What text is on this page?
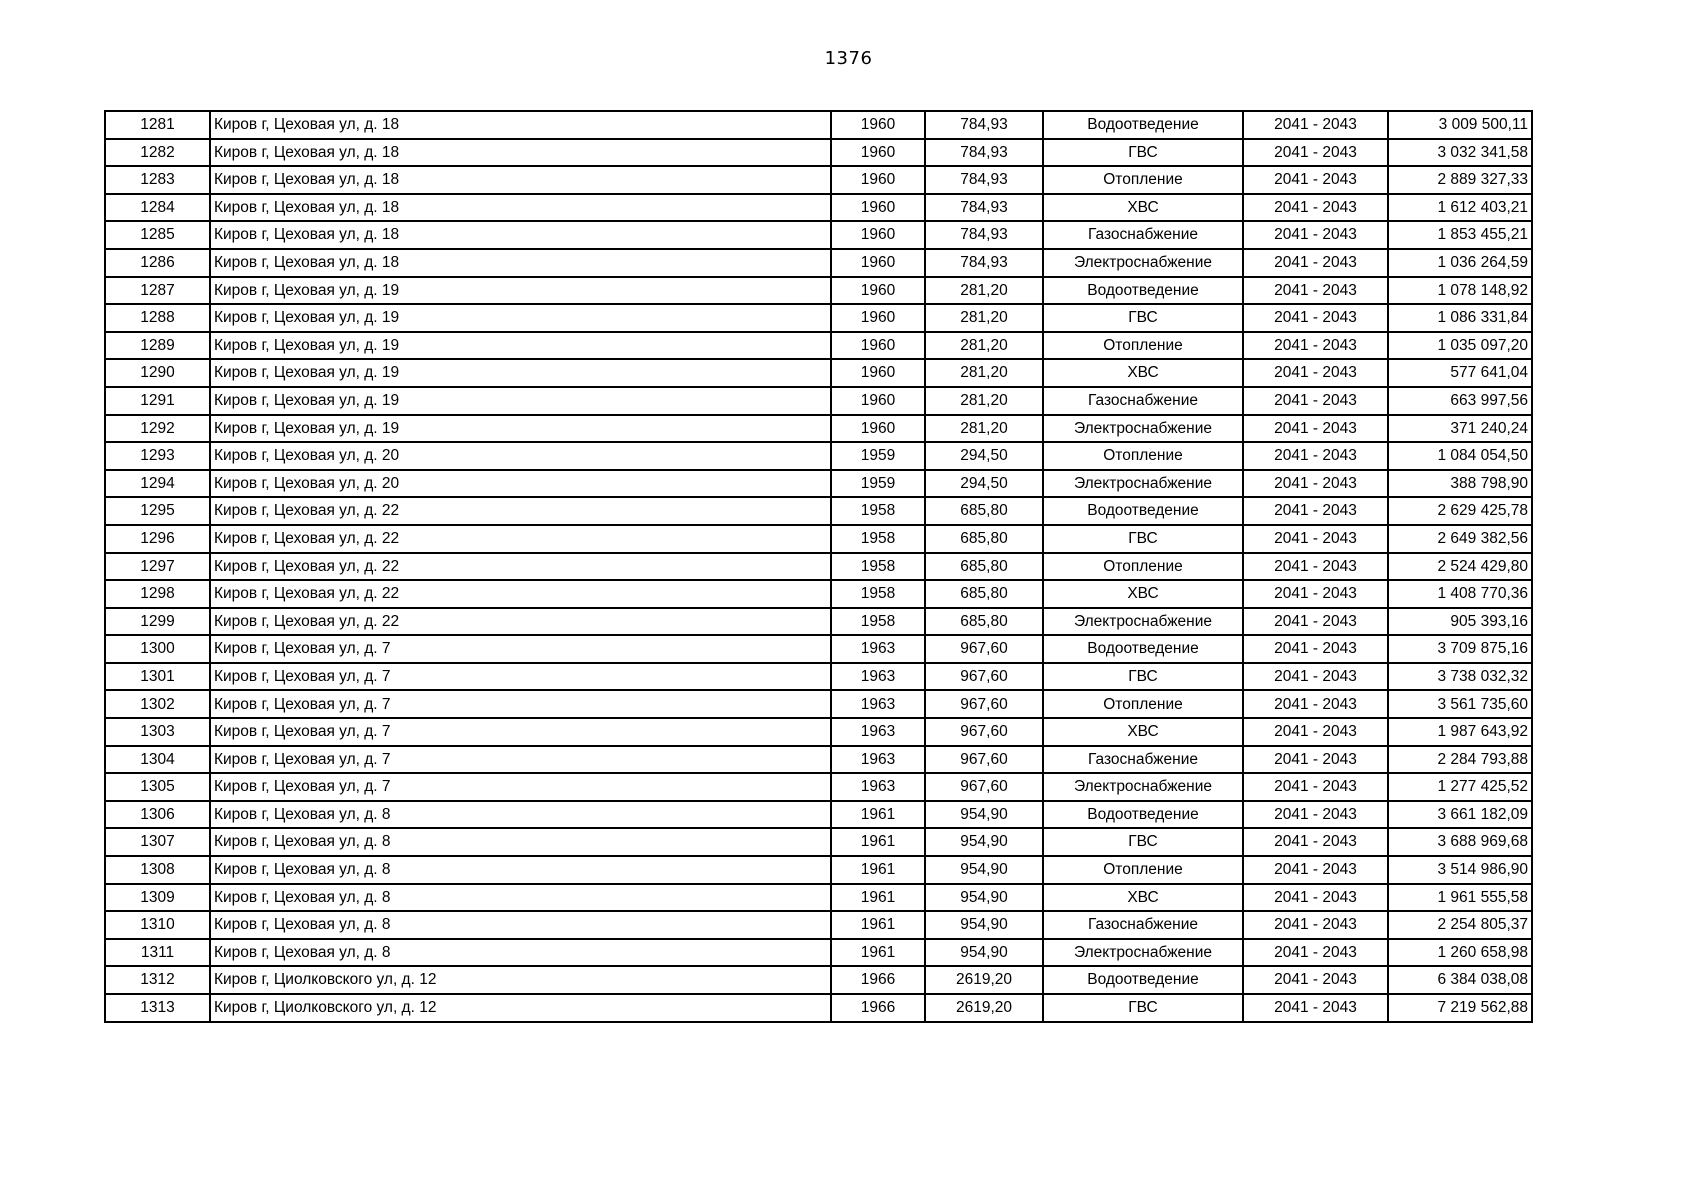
1376
1281	Киров г, Цеховая ул, д. 18	1960	784,93	Водоотведение	2041 - 2043	3 009 500,11
1282	Киров г, Цеховая ул, д. 18	1960	784,93	ГВС	2041 - 2043	3 032 341,58
1283	Киров г, Цеховая ул, д. 18	1960	784,93	Отопление	2041 - 2043	2 889 327,33
1284	Киров г, Цеховая ул, д. 18	1960	784,93	ХВС	2041 - 2043	1 612 403,21
1285	Киров г, Цеховая ул, д. 18	1960	784,93	Газоснабжение	2041 - 2043	1 853 455,21
1286	Киров г, Цеховая ул, д. 18	1960	784,93	Электроснабжение	2041 - 2043	1 036 264,59
1287	Киров г, Цеховая ул, д. 19	1960	281,20	Водоотведение	2041 - 2043	1 078 148,92
1288	Киров г, Цеховая ул, д. 19	1960	281,20	ГВС	2041 - 2043	1 086 331,84
1289	Киров г, Цеховая ул, д. 19	1960	281,20	Отопление	2041 - 2043	1 035 097,20
1290	Киров г, Цеховая ул, д. 19	1960	281,20	ХВС	2041 - 2043	577 641,04
1291	Киров г, Цеховая ул, д. 19	1960	281,20	Газоснабжение	2041 - 2043	663 997,56
1292	Киров г, Цеховая ул, д. 19	1960	281,20	Электроснабжение	2041 - 2043	371 240,24
1293	Киров г, Цеховая ул, д. 20	1959	294,50	Отопление	2041 - 2043	1 084 054,50
1294	Киров г, Цеховая ул, д. 20	1959	294,50	Электроснабжение	2041 - 2043	388 798,90
1295	Киров г, Цеховая ул, д. 22	1958	685,80	Водоотведение	2041 - 2043	2 629 425,78
1296	Киров г, Цеховая ул, д. 22	1958	685,80	ГВС	2041 - 2043	2 649 382,56
1297	Киров г, Цеховая ул, д. 22	1958	685,80	Отопление	2041 - 2043	2 524 429,80
1298	Киров г, Цеховая ул, д. 22	1958	685,80	ХВС	2041 - 2043	1 408 770,36
1299	Киров г, Цеховая ул, д. 22	1958	685,80	Электроснабжение	2041 - 2043	905 393,16
1300	Киров г, Цеховая ул, д. 7	1963	967,60	Водоотведение	2041 - 2043	3 709 875,16
1301	Киров г, Цеховая ул, д. 7	1963	967,60	ГВС	2041 - 2043	3 738 032,32
1302	Киров г, Цеховая ул, д. 7	1963	967,60	Отопление	2041 - 2043	3 561 735,60
1303	Киров г, Цеховая ул, д. 7	1963	967,60	ХВС	2041 - 2043	1 987 643,92
1304	Киров г, Цеховая ул, д. 7	1963	967,60	Газоснабжение	2041 - 2043	2 284 793,88
1305	Киров г, Цеховая ул, д. 7	1963	967,60	Электроснабжение	2041 - 2043	1 277 425,52
1306	Киров г, Цеховая ул, д. 8	1961	954,90	Водоотведение	2041 - 2043	3 661 182,09
1307	Киров г, Цеховая ул, д. 8	1961	954,90	ГВС	2041 - 2043	3 688 969,68
1308	Киров г, Цеховая ул, д. 8	1961	954,90	Отопление	2041 - 2043	3 514 986,90
1309	Киров г, Цеховая ул, д. 8	1961	954,90	ХВС	2041 - 2043	1 961 555,58
1310	Киров г, Цеховая ул, д. 8	1961	954,90	Газоснабжение	2041 - 2043	2 254 805,37
1311	Киров г, Цеховая ул, д. 8	1961	954,90	Электроснабжение	2041 - 2043	1 260 658,98
1312	Киров г, Циолковского ул, д. 12	1966	2619,20	Водоотведение	2041 - 2043	6 384 038,08
1313	Киров г, Циолковского ул, д. 12	1966	2619,20	ГВС	2041 - 2043	7 219 562,88
